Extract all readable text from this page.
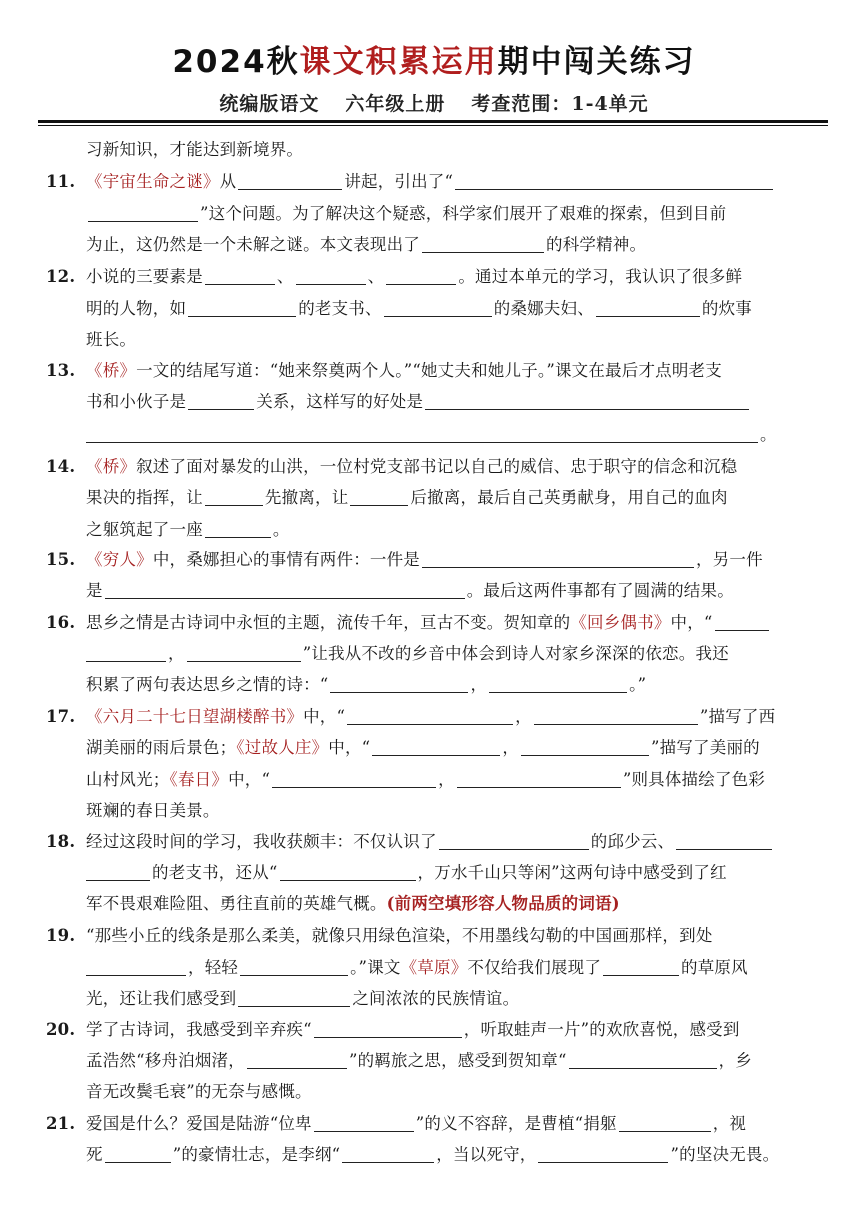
2024秋课文积累运用期中闯关练习
统编版语文 六年级上册 考查范围：1-4单元
习新知识，才能达到新境界。
11. 《宇宙生命之谜》从	讲起，引出了“
”这个问题。为了解决这个疑惑，科学家们展开了艰难的探索，但到目前
为止，这仍然是一个未解之谜。本文表现出了	的科学精神。
12. 小说的三要素是	、	、	。通过本单元的学习，我认识了很多鲜
明的人物，如	的老支书、	的桑娜夫妇、	的炊事
班长。
13. 《桥》一文的结尾写道：“她来祭奠两个人。”“她丈夫和她儿子。”课文在最后才点明老支
书和小伙子是	关系，这样写的好处是
。
14. 《桥》叙述了面对暴发的山洪，一位村党支部书记以自己的威信、忠于职守的信念和沉稳
果决的指挥，让	先撤离，让	后撤离，最后自己英勇献身，用自己的血肉
之躯筑起了一座	。
15. 《穷人》中，桑娜担心的事情有两件：一件是	，另一件
是	。最后这两件事都有了圆满的结果。
16. 思乡之情是古诗词中永恒的主题，流传千年，亘古不变。贺知章的《回乡偶书》中，“
，	”让我从不改的乡音中体会到诗人对家乡深深的依恋。我还
积累了两句表达思乡之情的诗：“	，	。”
17. 《六月二十七日望湖楼醉书》中，“	，	”描写了西
湖美丽的雨后景色；《过故人庄》中，“	，	”描写了美丽的
山村风光；《春日》中，“	，	”则具体描绘了色彩
斑斓的春日美景。
18. 经过这段时间的学习，我收获颇丰：不仅认识了	的邱少云、
的老支书，还从“	，万水千山只等闲”这两句诗中感受到了红
军不畏艰难险阻、勇往直前的英雄气概。(前两空填形容人物品质的词语)
19. “那些小丘的线条是那么柔美，就像只用绿色渲染，不用墨线勾勒的中国画那样，到处
，轻轻	。”课文《草原》不仅给我们展现了	的草原风
光，还让我们感受到	之间浓浓的民族情谊。
20. 学了古诗词，我感受到辛弃疾“	，听取蛙声一片”的欢欣喜悦，感受到
孟浩然“移舟泊烟渚，	”的羁旅之思，感受到贺知章“	，乡
音无改鬓毛衰”的无奈与感慨。
21. 爱国是什么？爱国是陆游“位卑	”的义不容辞，是曹植“捐躯	，视
死	”的豪情壮志，是李纲“	，当以死守，	”的坚决无畏。
